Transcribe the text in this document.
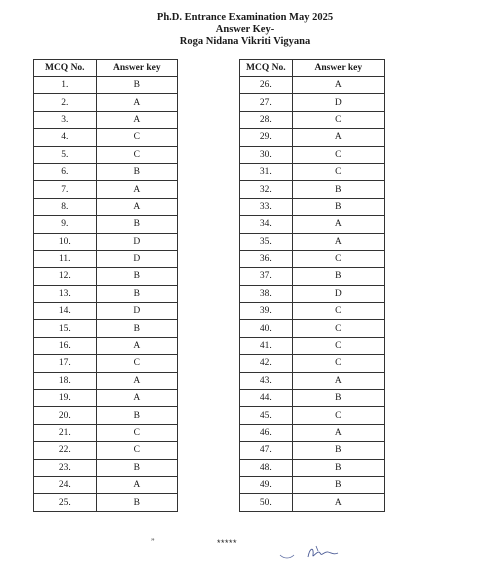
Ph.D. Entrance Examination May 2025
Answer Key-
Roga Nidana Vikriti Vigyana
MCQ No.	Answer key
1.	B
2.	A
3.	A
4.	C
5.	C
6.	B
7.	A
8.	A
9.	B
10.	D
11.	D
12.	B
13.	B
14.	D
15.	B
16.	A
17.	C
18.	A
19.	A
20.	B
21.	C
22.	C
23.	B
24.	A
25.	B
MCQ No.	Answer key
26.	A
27.	D
28.	C
29.	A
30.	C
31.	C
32.	B
33.	B
34.	A
35.	A
36.	C
37.	B
38.	D
39.	C
40.	C
41.	C
42.	C
43.	A
44.	B
45.	C
46.	A
47.	B
48.	B
49.	B
50.	A
”	*****
